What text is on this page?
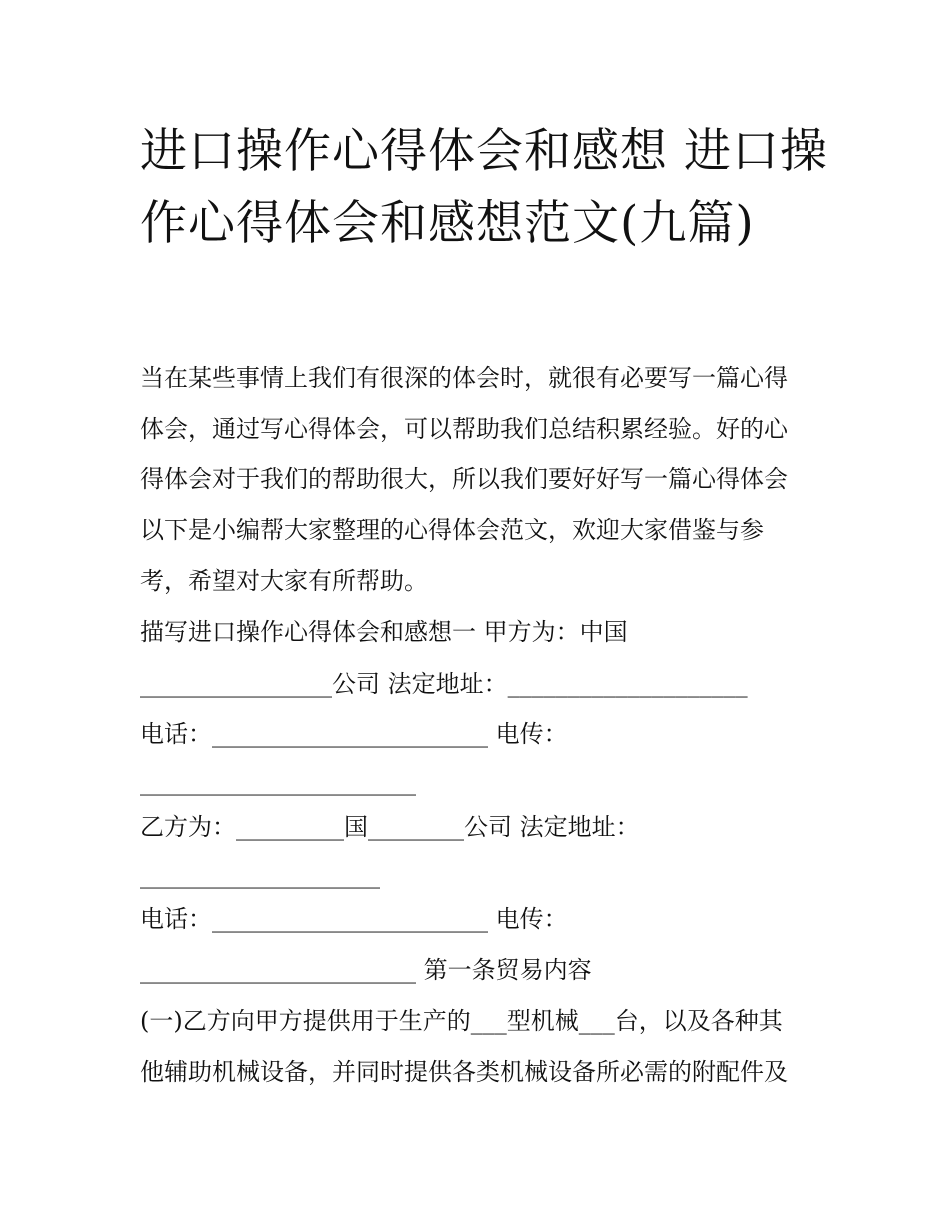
进口操作心得体会和感想 进口操作心得体会和感想范文(九篇)

当在某些事情上我们有很深的体会时，就很有必要写一篇心得

体会，通过写心得体会，可以帮助我们总结积累经验。好的心

得体会对于我们的帮助很大，所以我们要好好写一篇心得体会

以下是小编帮大家整理的心得体会范文，欢迎大家借鉴与参

考，希望对大家有所帮助。

描写进口操作心得体会和感想一 甲方为：中国

________________公司 法定地址：____________________

电话：_______________________ 电传：

_______________________

乙方为：_________国________公司 法定地址：

____________________

电话：_______________________ 电传：

_______________________ 第一条贸易内容

(一)乙方向甲方提供用于生产的___型机械___台，以及各种其

他辅助机械设备，并同时提供各类机械设备所必需的附配件及
